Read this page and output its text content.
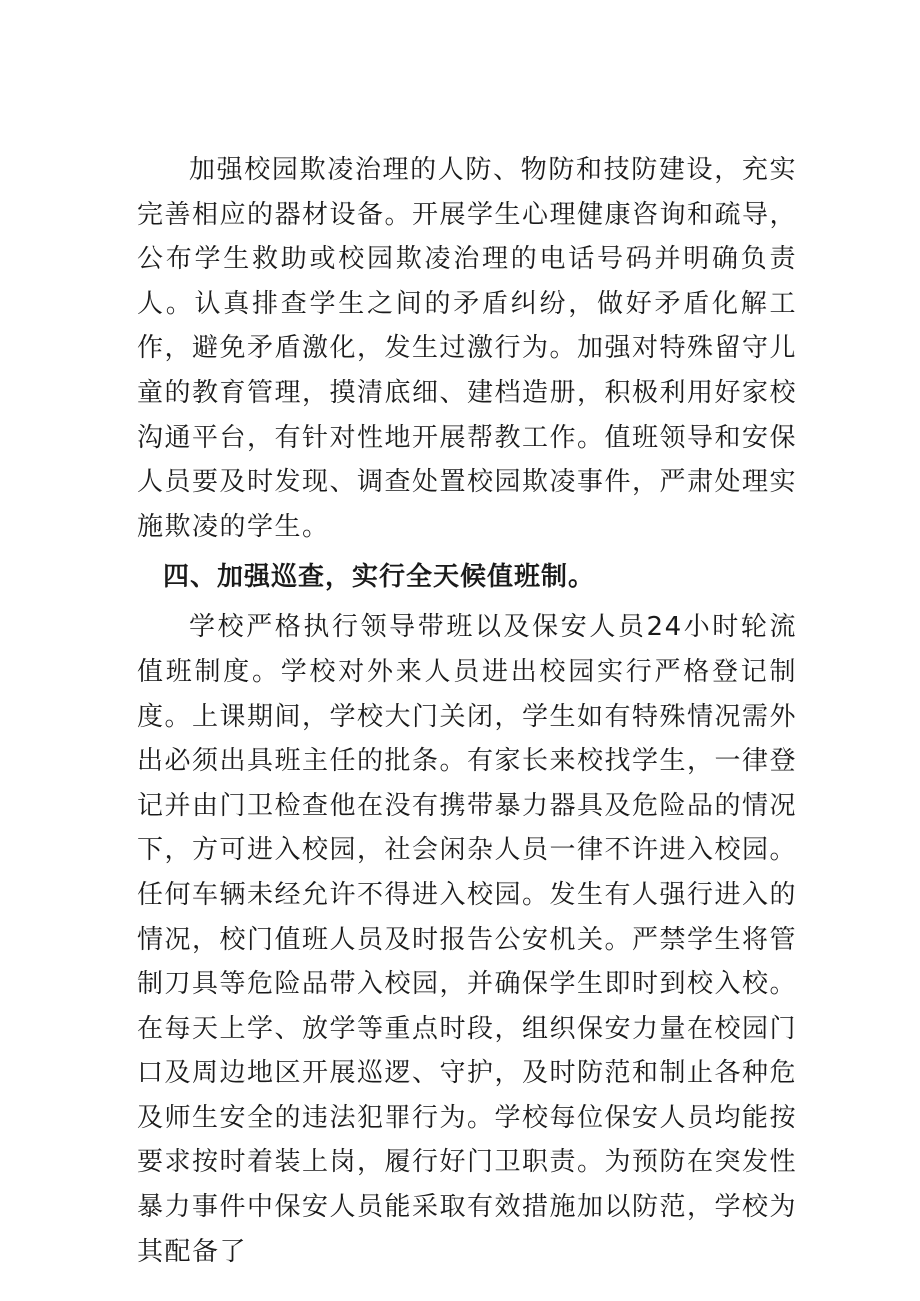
加强校园欺凌治理的人防、物防和技防建设，充实完善相应的器材设备。开展学生心理健康咨询和疏导，公布学生救助或校园欺凌治理的电话号码并明确负责人。认真排查学生之间的矛盾纠纷，做好矛盾化解工作，避免矛盾激化，发生过激行为。加强对特殊留守儿童的教育管理，摸清底细、建档造册，积极利用好家校沟通平台，有针对性地开展帮教工作。值班领导和安保人员要及时发现、调查处置校园欺凌事件，严肃处理实施欺凌的学生。

四、加强巡查，实行全天候值班制。

学校严格执行领导带班以及保安人员24小时轮流值班制度。学校对外来人员进出校园实行严格登记制度。上课期间，学校大门关闭，学生如有特殊情况需外出必须出具班主任的批条。有家长来校找学生，一律登记并由门卫检查他在没有携带暴力器具及危险品的情况下，方可进入校园，社会闲杂人员一律不许进入校园。任何车辆未经允许不得进入校园。发生有人强行进入的情况，校门值班人员及时报告公安机关。严禁学生将管制刀具等危险品带入校园，并确保学生即时到校入校。在每天上学、放学等重点时段，组织保安力量在校园门口及周边地区开展巡逻、守护，及时防范和制止各种危及师生安全的违法犯罪行为。学校每位保安人员均能按要求按时着装上岗，履行好门卫职责。为预防在突发性暴力事件中保安人员能采取有效措施加以防范，学校为其配备了
